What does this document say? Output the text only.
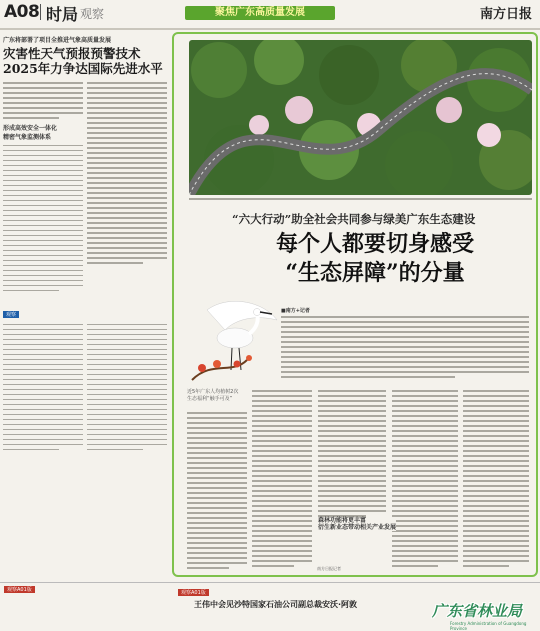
A08 时局 观察	聚焦广东高质量发展	南方日报
广东将部署了项目全推进气象高质量发展
灾害性天气预报预警技术
2025年力争达国际先进水平
形成高效安全一体化
精密气象监测体系
观察
“六大行动”助全社会共同参与绿美广东生态建设
每个人都要切身感受
“生态屏障”的分量
■南方+记者
近5年广东人均植树2次
生态福利“触手可及”
森林功能将更丰富
衍生新业态带动相关产业发展
南方日报记者
观察A01版	观察A01版
王伟中会见沙特国家石油公司副总裁安沃·阿敦	广东省林业局
Forestry Administration of Guangdong Province
